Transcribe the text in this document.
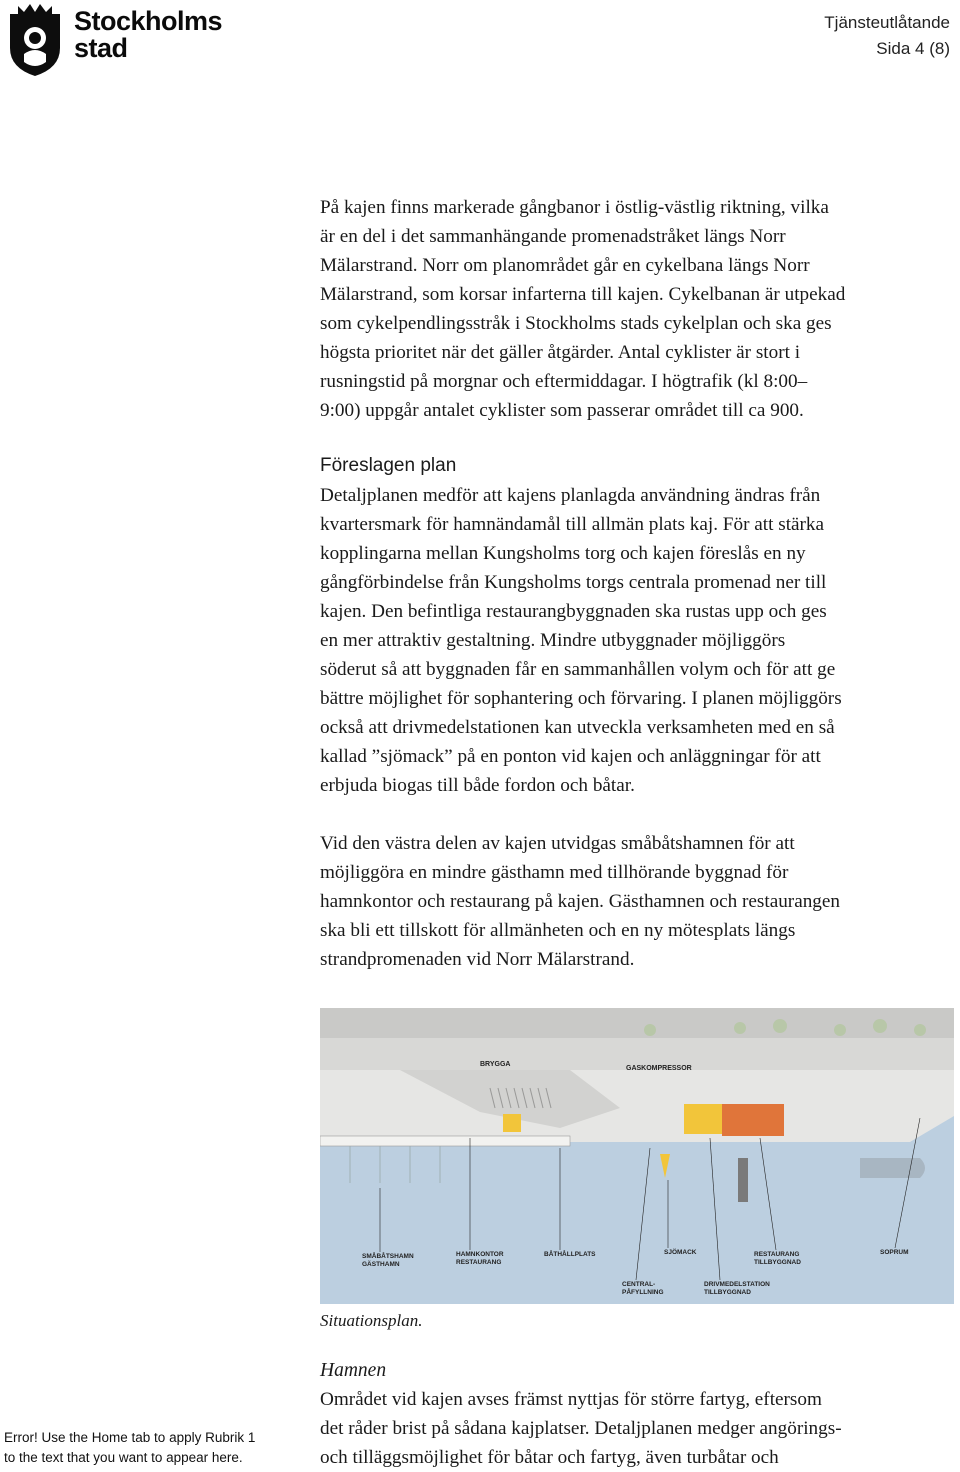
Stockholms
stad
Tjänsteutlåtande
Sida 4 (8)

På kajen finns markerade gångbanor i östlig-västlig riktning, vilka
är en del i det sammanhängande promenadstråket längs Norr
Mälarstrand. Norr om planområdet går en cykelbana längs Norr
Mälarstrand, som korsar infarterna till kajen. Cykelbanan är utpekad
som cykelpendlingsstråk i Stockholms stads cykelplan och ska ges
högsta prioritet när det gäller åtgärder. Antal cyklister är stort i
rusningstid på morgnar och eftermiddagar. I högtrafik (kl 8:00–
9:00) uppgår antalet cyklister som passerar området till ca 900.

Föreslagen plan

Detaljplanen medför att kajens planlagda användning ändras från
kvartersmark för hamnändamål till allmän plats kaj. För att stärka
kopplingarna mellan Kungsholms torg och kajen föreslås en ny
gångförbindelse från Kungsholms torgs centrala promenad ner till
kajen. Den befintliga restaurangbyggnaden ska rustas upp och ges
en mer attraktiv gestaltning. Mindre utbyggnader möjliggörs
söderut så att byggnaden får en sammanhållen volym och för att ge
bättre möjlighet för sophantering och förvaring. I planen möjliggörs
också att drivmedelstationen kan utveckla verksamheten med en så
kallad ”sjömack” på en ponton vid kajen och anläggningar för att
erbjuda biogas till både fordon och båtar.

Vid den västra delen av kajen utvidgas småbåtshamnen för att
möjliggöra en mindre gästhamn med tillhörande byggnad för
hamnkontor och restaurang på kajen. Gästhamnen och restaurangen
ska bli ett tillskott för allmänheten och en ny mötesplats längs
strandpromenaden vid Norr Mälarstrand.

BRYGGA
GASKOMPRESSOR
SMÅBÅTSHAMN
GÄSTHAMN
HAMNKONTOR
RESTAURANG
BÅTHÅLLPLATS	SJÖMACK	RESTAURANG
TILLBYGGNAD
SOPRUM
CENTRAL-
PÅFYLLNING
DRIVMEDELSTATION
TILLBYGGNAD

Situationsplan.

Hamnen

Området vid kajen avses främst nyttjas för större fartyg, eftersom
det råder brist på sådana kajplatser. Detaljplanen medger angörings-
och tilläggsmöjlighet för båtar och fartyg, även turbåtar och

Error! Use the Home tab to apply Rubrik 1
to the text that you want to appear here.
